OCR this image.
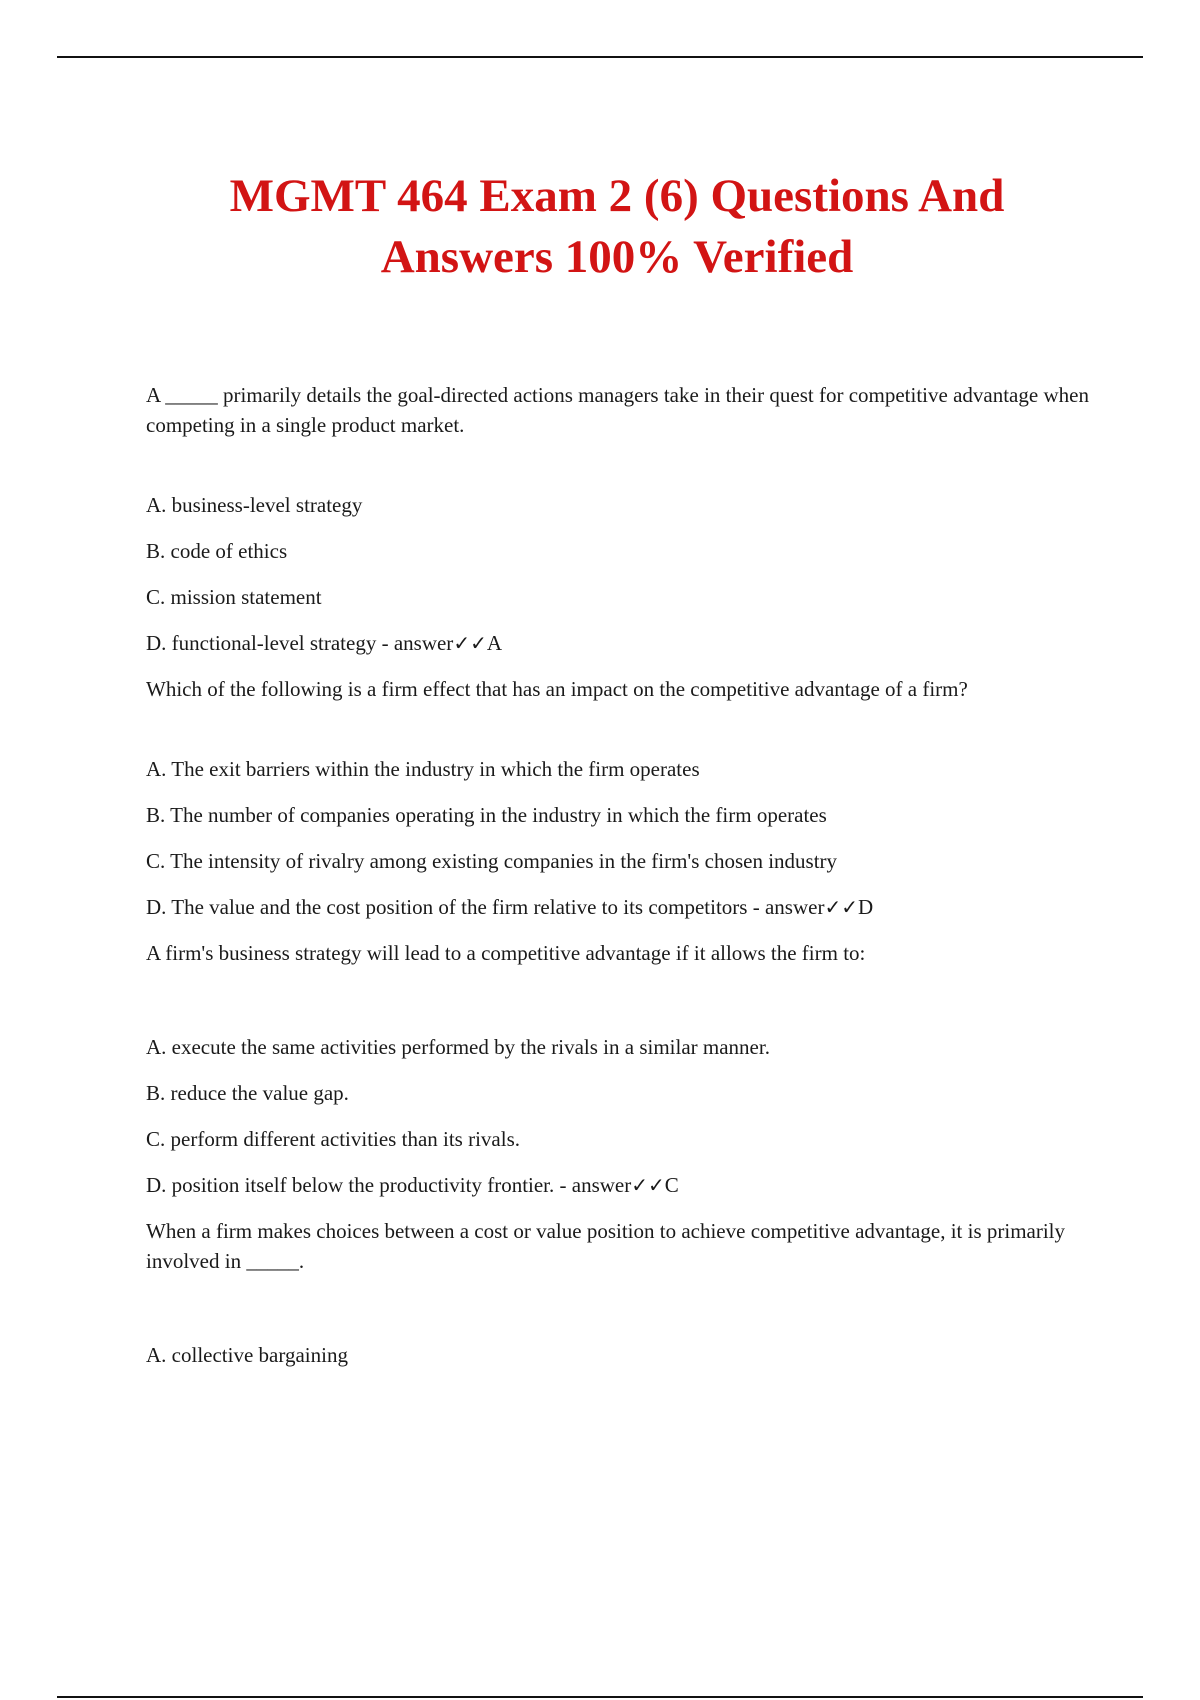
MGMT 464 Exam 2 (6) Questions And
Answers 100% Verified

A _____ primarily details the goal-directed actions managers take in their quest for competitive advantage when competing in a single product market.

A. business-level strategy

B. code of ethics

C. mission statement

D. functional-level strategy - answer✓✓A

Which of the following is a firm effect that has an impact on the competitive advantage of a firm?

A. The exit barriers within the industry in which the firm operates

B. The number of companies operating in the industry in which the firm operates

C. The intensity of rivalry among existing companies in the firm's chosen industry

D. The value and the cost position of the firm relative to its competitors - answer✓✓D

A firm's business strategy will lead to a competitive advantage if it allows the firm to:

A. execute the same activities performed by the rivals in a similar manner.

B. reduce the value gap.

C. perform different activities than its rivals.

D. position itself below the productivity frontier. - answer✓✓C

When a firm makes choices between a cost or value position to achieve competitive advantage, it is primarily involved in _____.

A. collective bargaining
